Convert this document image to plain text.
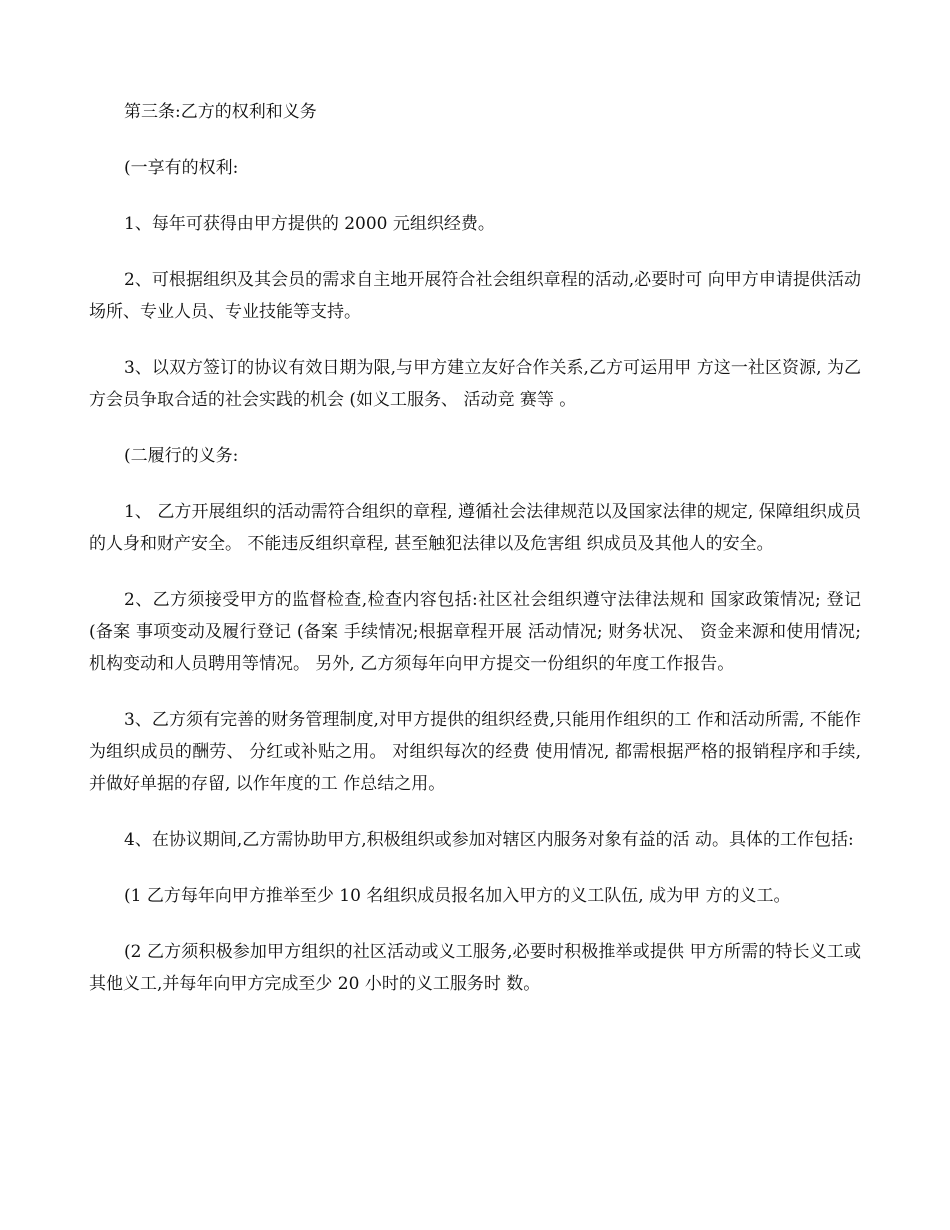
第三条:乙方的权利和义务

(一享有的权利:

1、每年可获得由甲方提供的 2000 元组织经费。

2、可根据组织及其会员的需求自主地开展符合社会组织章程的活动,必要时可 向甲方申请提供活动场所、专业人员、专业技能等支持。

3、以双方签订的协议有效日期为限,与甲方建立友好合作关系,乙方可运用甲 方这一社区资源, 为乙方会员争取合适的社会实践的机会 (如义工服务、 活动竞 赛等 。

(二履行的义务:

1、 乙方开展组织的活动需符合组织的章程, 遵循社会法律规范以及国家法律的规定, 保障组织成员的人身和财产安全。 不能违反组织章程, 甚至触犯法律以及危害组 织成员及其他人的安全。

2、乙方须接受甲方的监督检查,检查内容包括:社区社会组织遵守法律法规和 国家政策情况; 登记 (备案 事项变动及履行登记 (备案 手续情况;根据章程开展 活动情况; 财务状况、 资金来源和使用情况; 机构变动和人员聘用等情况。 另外, 乙方须每年向甲方提交一份组织的年度工作报告。

3、乙方须有完善的财务管理制度,对甲方提供的组织经费,只能用作组织的工 作和活动所需, 不能作为组织成员的酬劳、 分红或补贴之用。 对组织每次的经费 使用情况, 都需根据严格的报销程序和手续, 并做好单据的存留, 以作年度的工 作总结之用。

4、在协议期间,乙方需协助甲方,积极组织或参加对辖区内服务对象有益的活 动。具体的工作包括:

(1 乙方每年向甲方推举至少 10 名组织成员报名加入甲方的义工队伍, 成为甲 方的义工。

(2 乙方须积极参加甲方组织的社区活动或义工服务,必要时积极推举或提供 甲方所需的特长义工或其他义工,并每年向甲方完成至少 20 小时的义工服务时 数。
